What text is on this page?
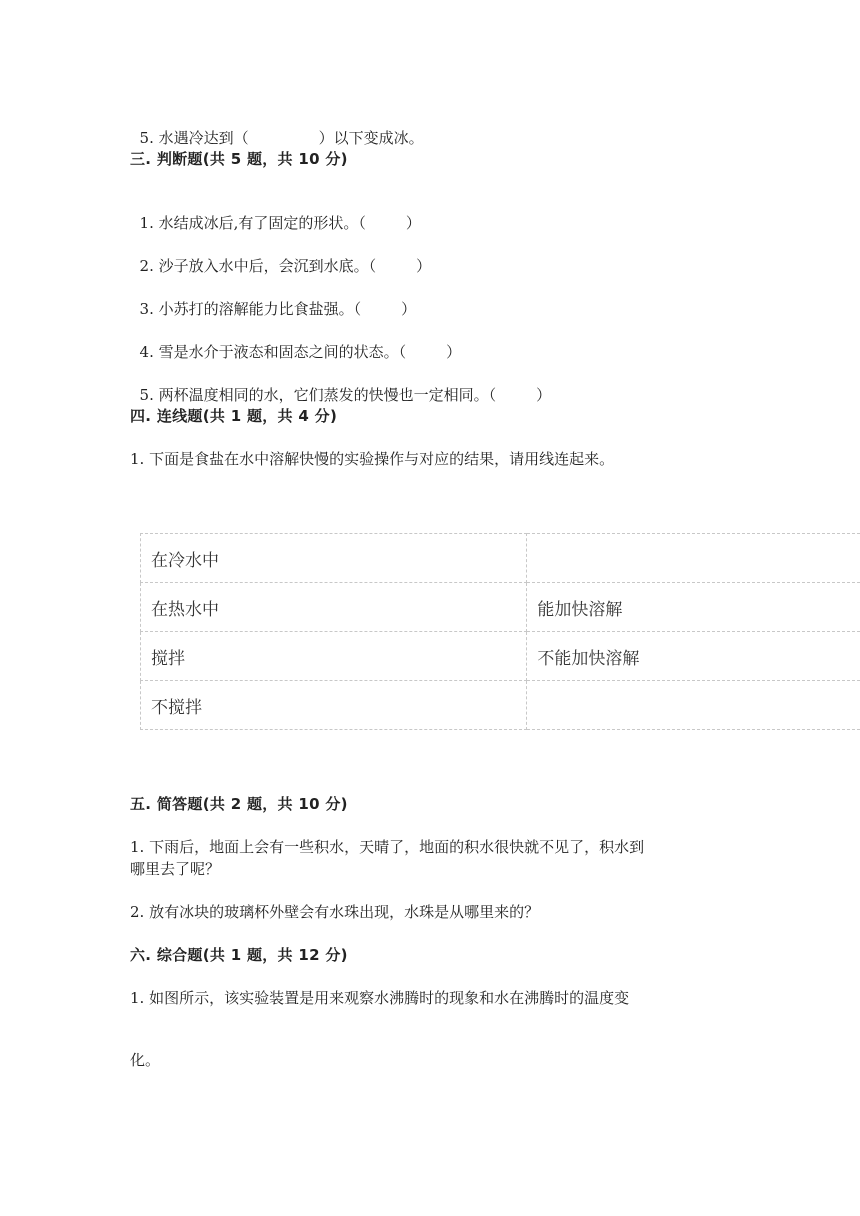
5. 水遇冷达到（	）以下变成冰。

三. 判断题(共 5 题，共 10 分)

1. 水结成冰后,有了固定的形状。（	）

2. 沙子放入水中后，会沉到水底。（	）

3. 小苏打的溶解能力比食盐强。（	）

4. 雪是水介于液态和固态之间的状态。（	）

5. 两杯温度相同的水，它们蒸发的快慢也一定相同。（	）

四. 连线题(共 1 题，共 4 分)
1. 下面是食盐在水中溶解快慢的实验操作与对应的结果，请用线连起来。
在冷水中	
在热水中	能加快溶解
搅拌	不能加快溶解
不搅拌	
五. 简答题(共 2 题，共 10 分)
1. 下雨后，地面上会有一些积水，天晴了，地面的积水很快就不见了，积水到
哪里去了呢？
2. 放有冰块的玻璃杯外壁会有水珠出现，水珠是从哪里来的？
六. 综合题(共 1 题，共 12 分)
1. 如图所示，该实验装置是用来观察水沸腾时的现象和水在沸腾时的温度变
化。
